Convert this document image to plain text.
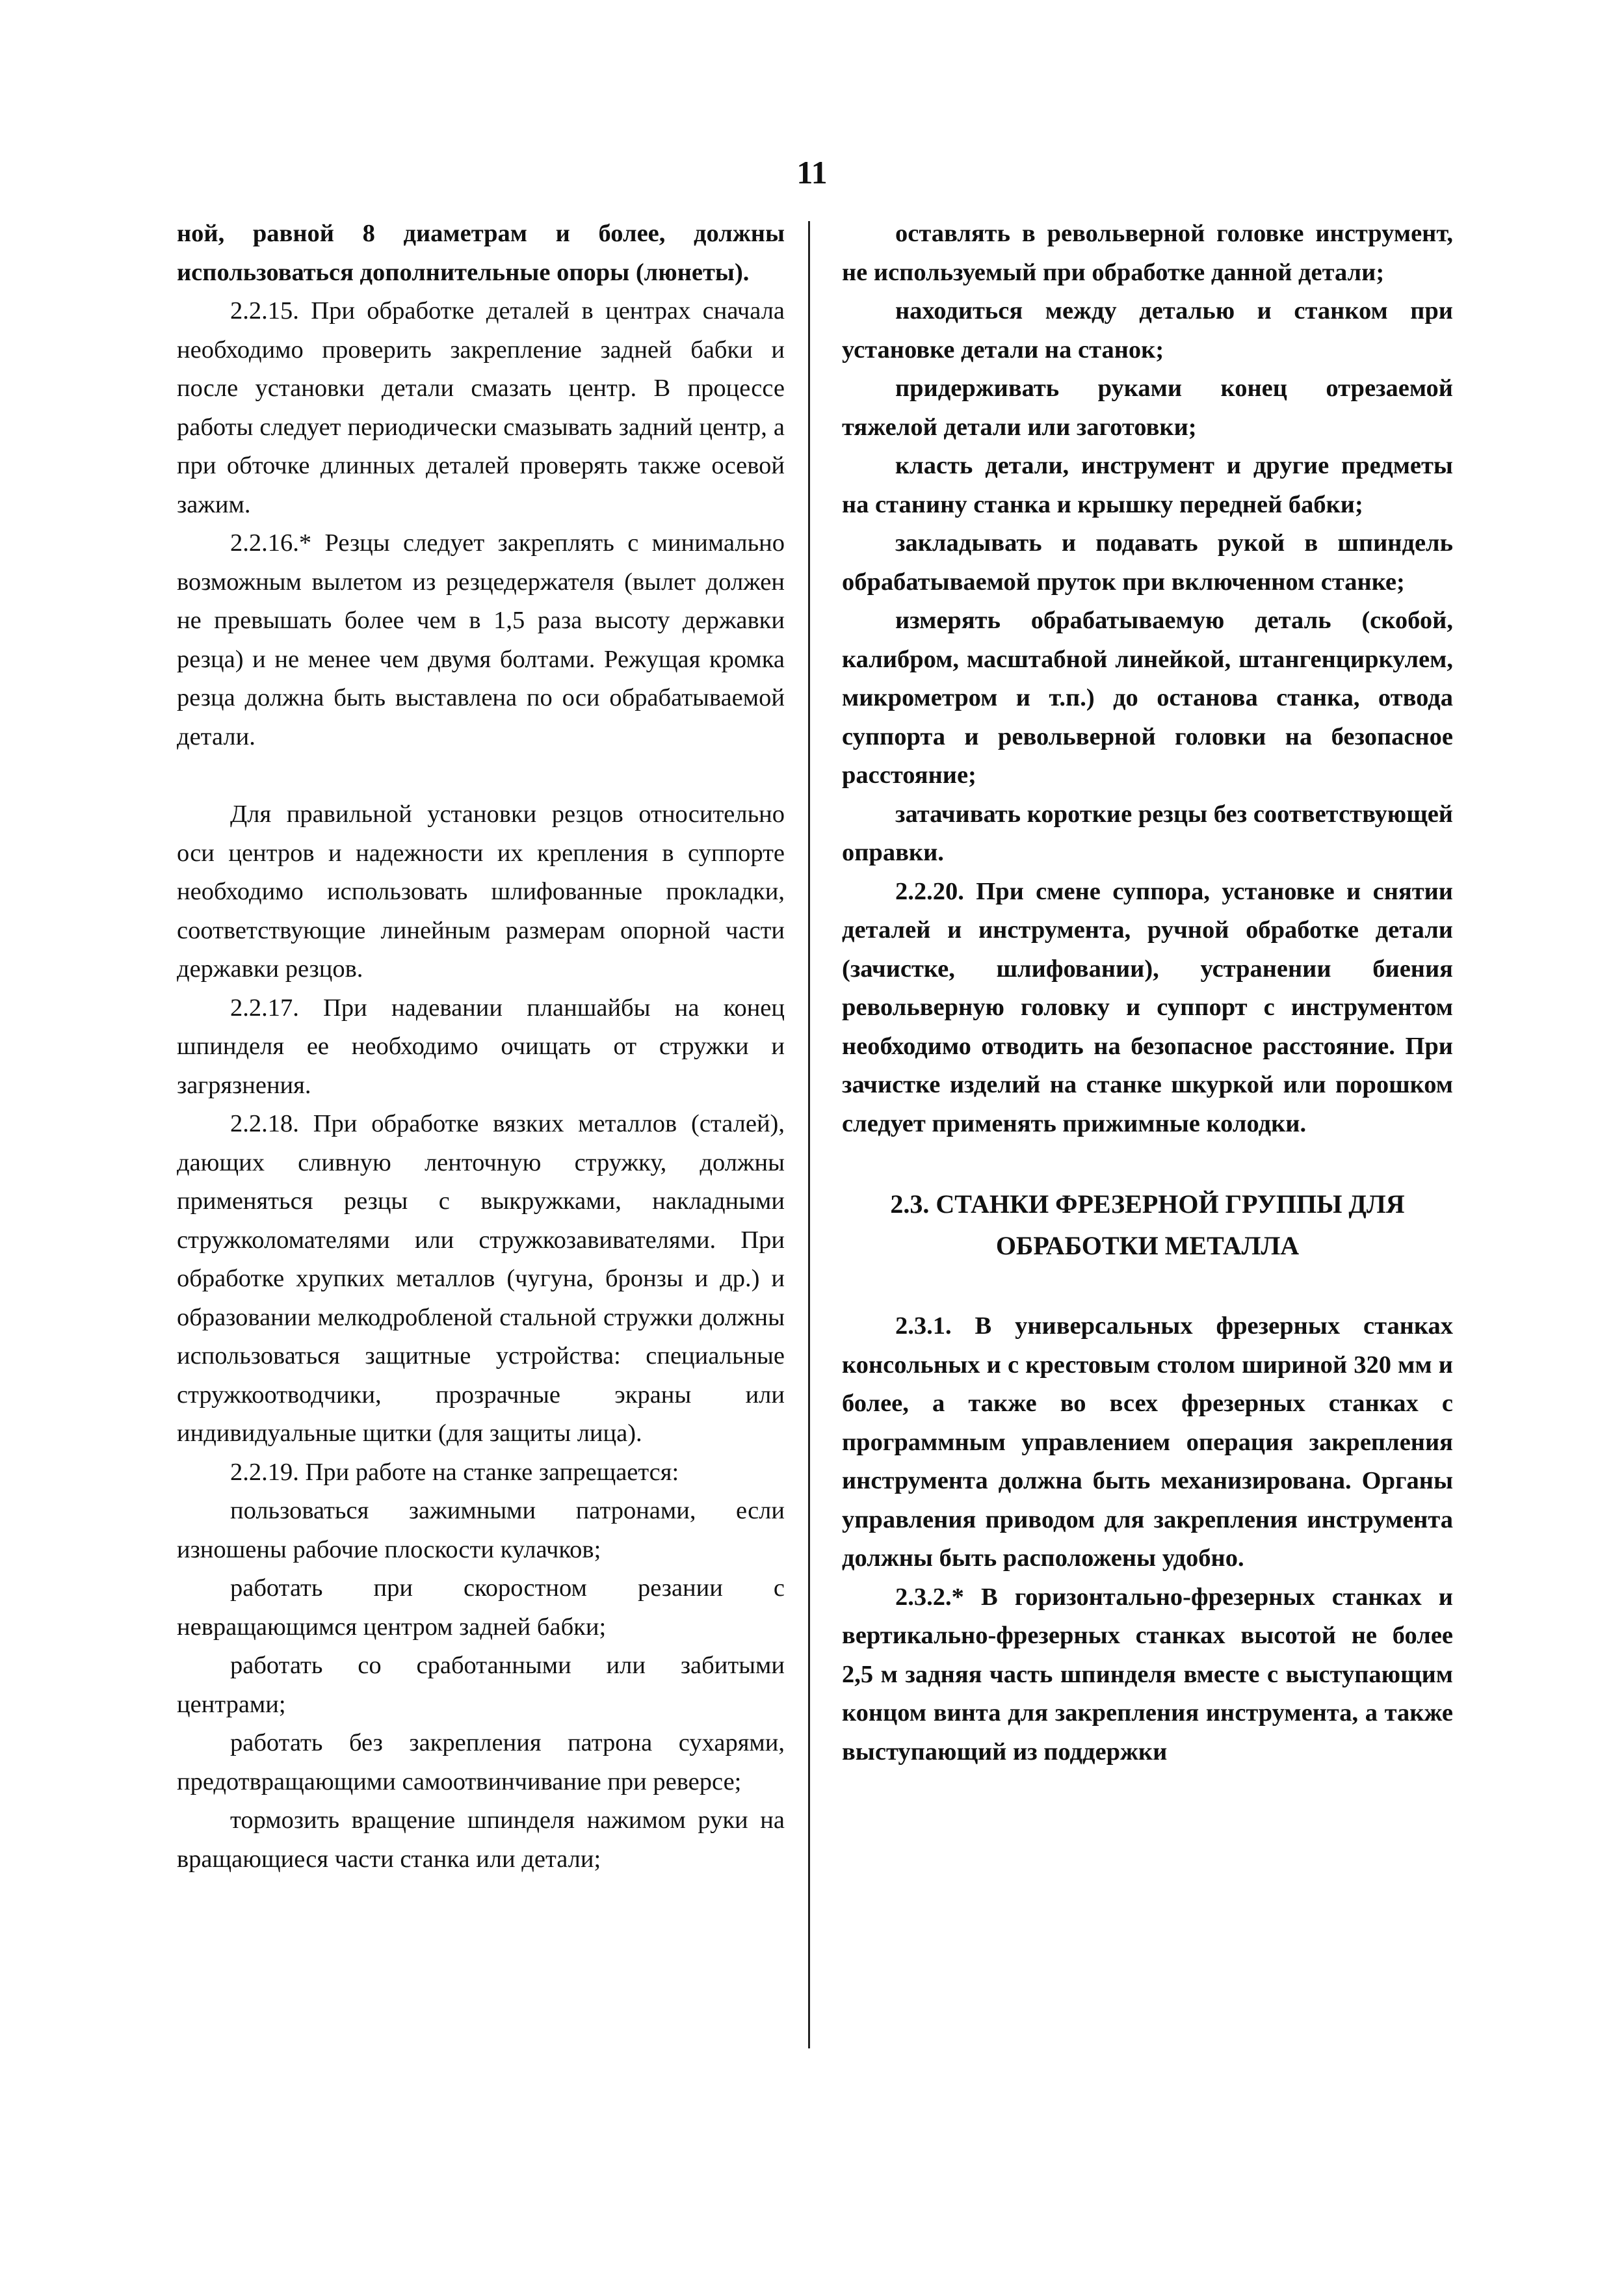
11

ной, равной 8 диаметрам и более, должны использоваться дополнительные опоры (люнеты).

2.2.15. При обработке деталей в центрах сначала необходимо проверить закрепление задней бабки и после установки детали смазать центр. В процессе работы следует периодически смазывать задний центр, а при обточке длинных деталей проверять также осевой зажим.

2.2.16.* Резцы следует закреплять с минимально возможным вылетом из резцедержателя (вылет должен не превышать более чем в 1,5 раза высоту державки резца) и не менее чем двумя болтами. Режущая кромка резца должна быть выставлена по оси обрабатываемой детали.

Для правильной установки резцов относительно оси центров и надежности их крепления в суппорте необходимо использовать шлифованные прокладки, соответствующие линейным размерам опорной части державки резцов.

2.2.17. При надевании планшайбы на конец шпинделя ее необходимо очищать от стружки и загрязнения.

2.2.18. При обработке вязких металлов (сталей), дающих сливную ленточную стружку, должны применяться резцы с выкружками, накладными стружколомателями или стружкозавивателями. При обработке хрупких металлов (чугуна, бронзы и др.) и образовании мелкодробленой стальной стружки должны использоваться защитные устройства: специальные стружкоотводчики, прозрачные экраны или индивидуальные щитки (для защиты лица).

2.2.19. При работе на станке запрещается:

пользоваться зажимными патронами, если изношены рабочие плоскости кулачков;

работать при скоростном резании с невращающимся центром задней бабки;

работать со сработанными или забитыми центрами;

работать без закрепления патрона сухарями, предотвращающими самоотвинчивание при реверсе;

тормозить вращение шпинделя нажимом руки на вращающиеся части станка или детали;

оставлять в револьверной головке инструмент, не используемый при обработке данной детали;

находиться между деталью и станком при установке детали на станок;

придерживать руками конец отрезаемой тяжелой детали или заготовки;

класть детали, инструмент и другие предметы на станину станка и крышку передней бабки;

закладывать и подавать рукой в шпиндель обрабатываемой пруток при включенном станке;

измерять обрабатываемую деталь (скобой, калибром, масштабной линейкой, штангенциркулем, микрометром и т.п.) до останова станка, отвода суппорта и револьверной головки на безопасное расстояние;

затачивать короткие резцы без соответствующей оправки.

2.2.20. При смене суппора, установке и снятии деталей и инструмента, ручной обработке детали (зачистке, шлифовании), устранении биения револьверную головку и суппорт с инструментом необходимо отводить на безопасное расстояние. При зачистке изделий на станке шкуркой или порошком следует применять прижимные колодки.

2.3. СТАНКИ ФРЕЗЕРНОЙ ГРУППЫ ДЛЯ ОБРАБОТКИ МЕТАЛЛА

2.3.1. В универсальных фрезерных станках консольных и с крестовым столом шириной 320 мм и более, а также во всех фрезерных станках с программным управлением операция закрепления инструмента должна быть механизирована. Органы управления приводом для закрепления инструмента должны быть расположены удобно.

2.3.2.* В горизонтально-фрезерных станках и вертикально-фрезерных станках высотой не более 2,5 м задняя часть шпинделя вместе с выступающим концом винта для закрепления инструмента, а также выступающий из поддержки
